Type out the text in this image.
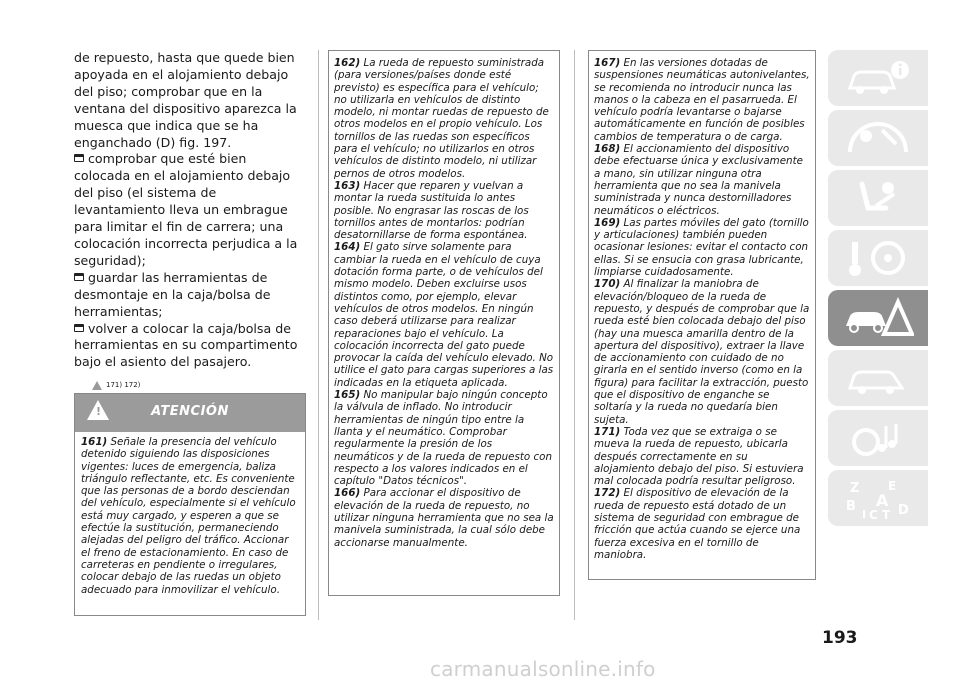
de repuesto, hasta que quede bien apoyada en el alojamiento debajo del piso; comprobar que en la ventana del dispositivo aparezca la muesca que indica que se ha enganchado (D) fig. 197.

comprobar que esté bien colocada en el alojamiento debajo del piso (el sistema de levantamiento lleva un embrague para limitar el fin de carrera; una colocación incorrecta perjudica a la seguridad);

guardar las herramientas de desmontaje en la caja/bolsa de herramientas;

volver a colocar la caja/bolsa de herramientas en su compartimento bajo el asiento del pasajero.

171) 172)
!	ATENCIÓN

161) Señale la presencia del vehículo detenido siguiendo las disposiciones vigentes: luces de emergencia, baliza triángulo reflectante, etc. Es conveniente que las personas de a bordo desciendan del vehículo, especialmente si el vehículo está muy cargado, y esperen a que se efectúe la sustitución, permaneciendo alejadas del peligro del tráfico. Accionar el freno de estacionamiento. En caso de carreteras en pendiente o irregulares, colocar debajo de las ruedas un objeto adecuado para inmovilizar el vehículo.

162) La rueda de repuesto suministrada (para versiones/países donde esté previsto) es específica para el vehículo; no utilizarla en vehículos de distinto modelo, ni montar ruedas de repuesto de otros modelos en el propio vehículo. Los tornillos de las ruedas son específicos para el vehículo; no utilizarlos en otros vehículos de distinto modelo, ni utilizar pernos de otros modelos.

163) Hacer que reparen y vuelvan a montar la rueda sustituida lo antes posible. No engrasar las roscas de los tornillos antes de montarlos: podrían desatornillarse de forma espontánea.

164) El gato sirve solamente para cambiar la rueda en el vehículo de cuya dotación forma parte, o de vehículos del mismo modelo. Deben excluirse usos distintos como, por ejemplo, elevar vehículos de otros modelos. En ningún caso deberá utilizarse para realizar reparaciones bajo el vehículo. La colocación incorrecta del gato puede provocar la caída del vehículo elevado. No utilice el gato para cargas superiores a las indicadas en la etiqueta aplicada.

165) No manipular bajo ningún concepto la válvula de inflado. No introducir herramientas de ningún tipo entre la llanta y el neumático. Comprobar regularmente la presión de los neumáticos y de la rueda de repuesto con respecto a los valores indicados en el capítulo "Datos técnicos".

166) Para accionar el dispositivo de elevación de la rueda de repuesto, no utilizar ninguna herramienta que no sea la manivela suministrada, la cual sólo debe accionarse manualmente.

167) En las versiones dotadas de suspensiones neumáticas autonivelantes, se recomienda no introducir nunca las manos o la cabeza en el pasarrueda. El vehículo podría levantarse o bajarse automáticamente en función de posibles cambios de temperatura o de carga.

168) El accionamiento del dispositivo debe efectuarse única y exclusivamente a mano, sin utilizar ninguna otra herramienta que no sea la manivela suministrada y nunca destornilladores neumáticos o eléctricos.

169) Las partes móviles del gato (tornillo y articulaciones) también pueden ocasionar lesiones: evitar el contacto con ellas. Si se ensucia con grasa lubricante, limpiarse cuidadosamente.

170) Al finalizar la maniobra de elevación/bloqueo de la rueda de repuesto, y después de comprobar que la rueda esté bien colocada debajo del piso (hay una muesca amarilla dentro de la apertura del dispositivo), extraer la llave de accionamiento con cuidado de no girarla en el sentido inverso (como en la figura) para facilitar la extracción, puesto que el dispositivo de enganche se soltaría y la rueda no quedaría bien sujeta.

171) Toda vez que se extraiga o se mueva la rueda de repuesto, ubicarla después correctamente en su alojamiento debajo del piso. Si estuviera mal colocada podría resultar peligroso.

172) El dispositivo de elevación de la rueda de repuesto está dotado de un sistema de seguridad con embrague de fricción que actúa cuando se ejerce una fuerza excesiva en el tornillo de maniobra.

Z E
B A
I C T D
193
carmanualsonline.info
